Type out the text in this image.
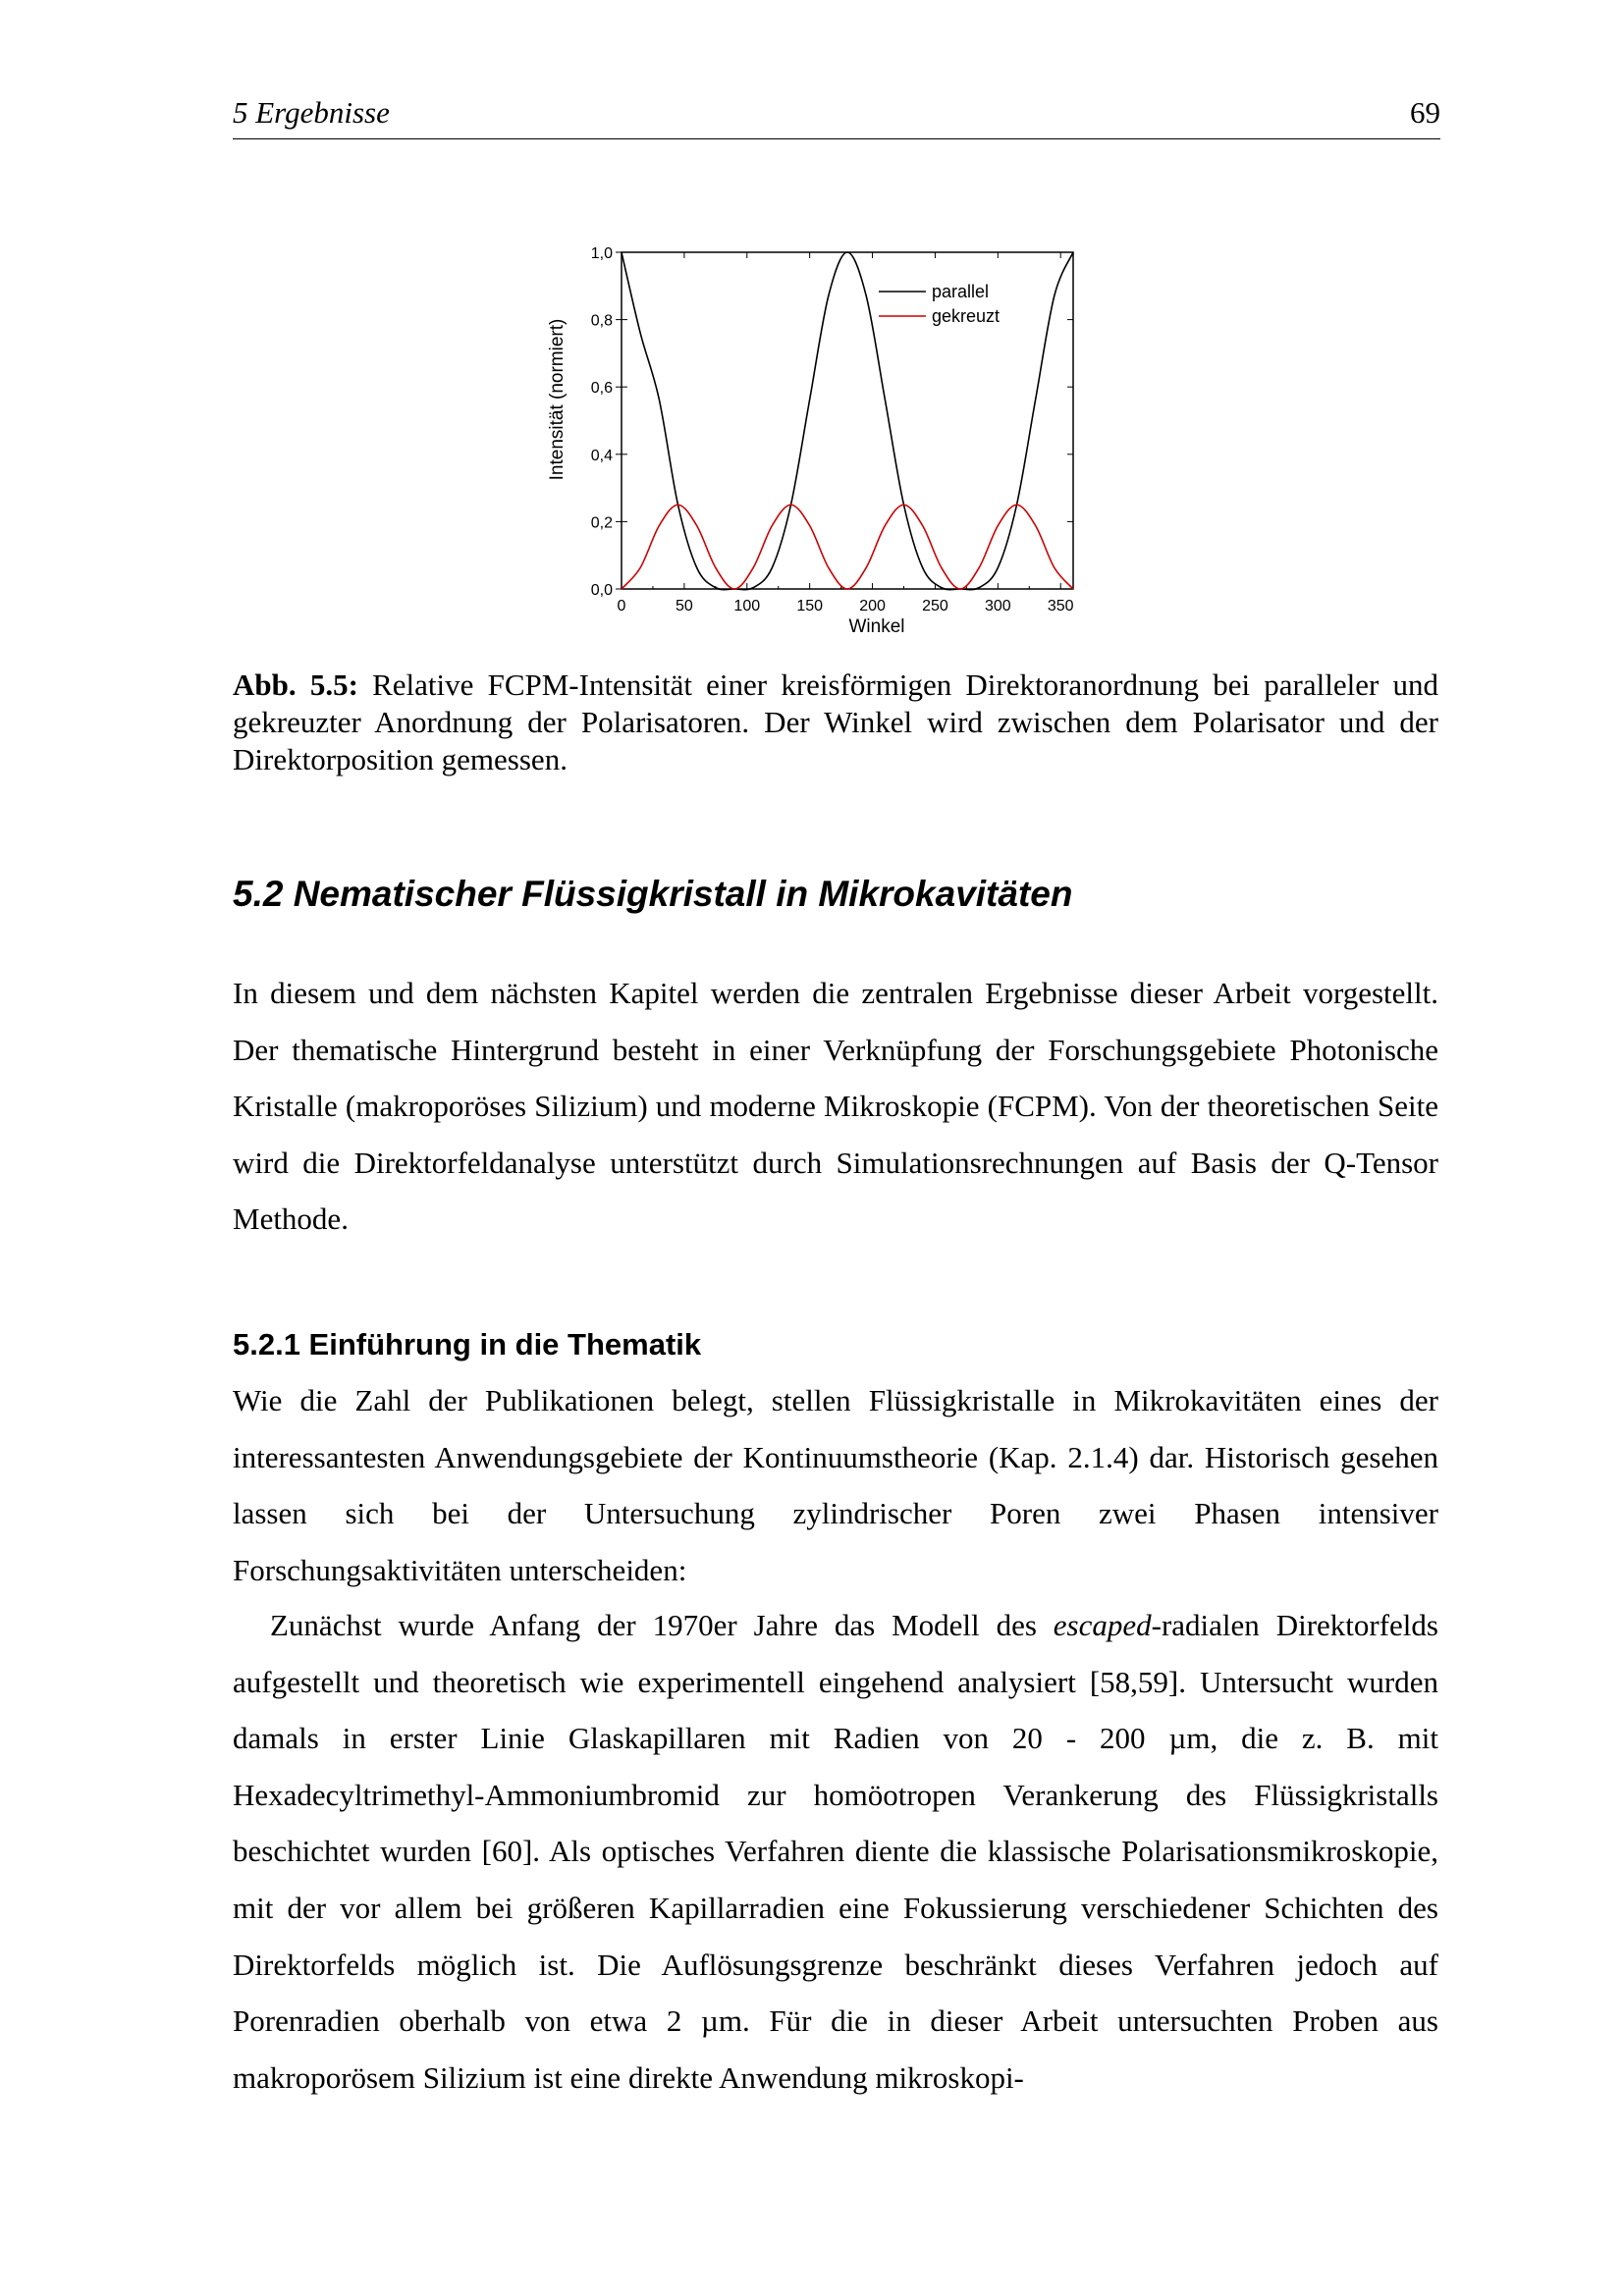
5 Ergebnisse	69
0	50	100 150 200 250 300 350
0,0
0,2
0,4
0,6
0,8
1,0
Winkel
Intensität (normiert)
parallel
gekreuzt
Abb. 5.5: Relative FCPM-Intensität einer kreisförmigen Direktoranordnung bei paralleler und gekreuzter Anordnung der Polarisatoren. Der Winkel wird zwischen dem Polarisator und der Direktorposition gemessen.
5.2 Nematischer Flüssigkristall in Mikrokavitäten

In diesem und dem nächsten Kapitel werden die zentralen Ergebnisse dieser Arbeit vorgestellt. Der thematische Hintergrund besteht in einer Verknüpfung der Forschungsgebiete Photonische Kristalle (makroporöses Silizium) und moderne Mikroskopie (FCPM). Von der theoretischen Seite wird die Direktorfeldanalyse unterstützt durch Simulationsrechnungen auf Basis der Q-Tensor Methode.

5.2.1 Einführung in die Thematik

Wie die Zahl der Publikationen belegt, stellen Flüssigkristalle in Mikrokavitäten eines der interessantesten Anwendungsgebiete der Kontinuumstheorie (Kap. 2.1.4) dar. Historisch gesehen lassen sich bei der Untersuchung zylindrischer Poren zwei Phasen intensiver Forschungsaktivitäten unterscheiden:

Zunächst wurde Anfang der 1970er Jahre das Modell des escaped-radialen Direktorfelds aufgestellt und theoretisch wie experimentell eingehend analysiert [58,59]. Untersucht wurden damals in erster Linie Glaskapillaren mit Radien von 20 - 200 µm, die z. B. mit Hexadecyltrimethyl-Ammoniumbromid zur homöotropen Verankerung des Flüssigkristalls beschichtet wurden [60]. Als optisches Verfahren diente die klassische Polarisationsmikroskopie, mit der vor allem bei größeren Kapillarradien eine Fokussierung verschiedener Schichten des Direktorfelds möglich ist. Die Auflösungsgrenze beschränkt dieses Verfahren jedoch auf Porenradien oberhalb von etwa 2 µm. Für die in dieser Arbeit untersuchten Proben aus makroporösem Silizium ist eine direkte Anwendung mikroskopi-
